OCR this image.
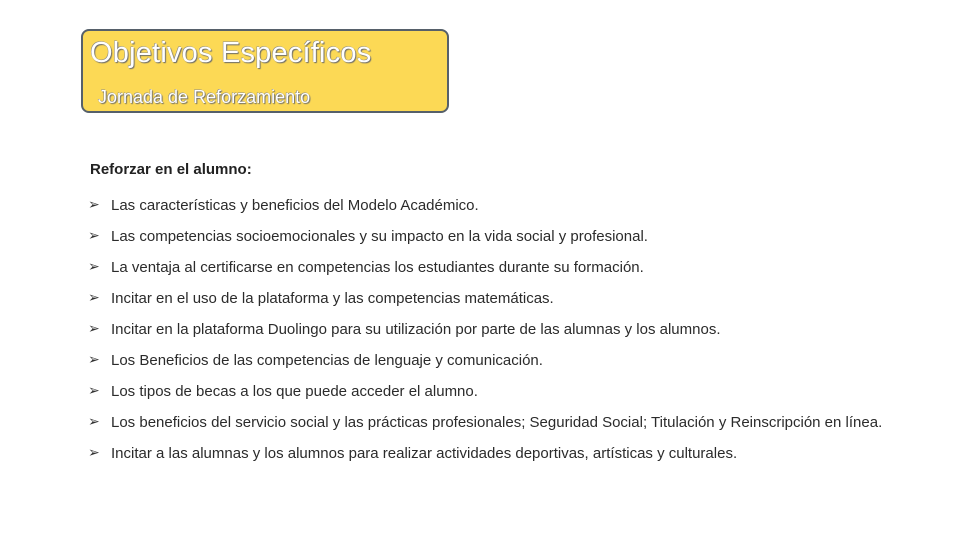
Objetivos Específicos
Jornada de Reforzamiento
Reforzar en el alumno:
➢ Las características y beneficios del Modelo Académico.
➢ Las competencias socioemocionales y su impacto en la vida social y profesional.
➢ La ventaja al certificarse en competencias los estudiantes durante su formación.
➢ Incitar en el uso de la plataforma y las competencias matemáticas.
➢ Incitar en la plataforma Duolingo para su utilización por parte de las alumnas y los alumnos.
➢ Los Beneficios de las competencias de lenguaje y comunicación.
➢ Los tipos de becas a los que puede acceder el alumno.
➢ Los beneficios del servicio social y las prácticas profesionales; Seguridad Social; Titulación y Reinscripción en línea.
➢ Incitar a las alumnas y los alumnos para realizar actividades deportivas, artísticas y culturales.
